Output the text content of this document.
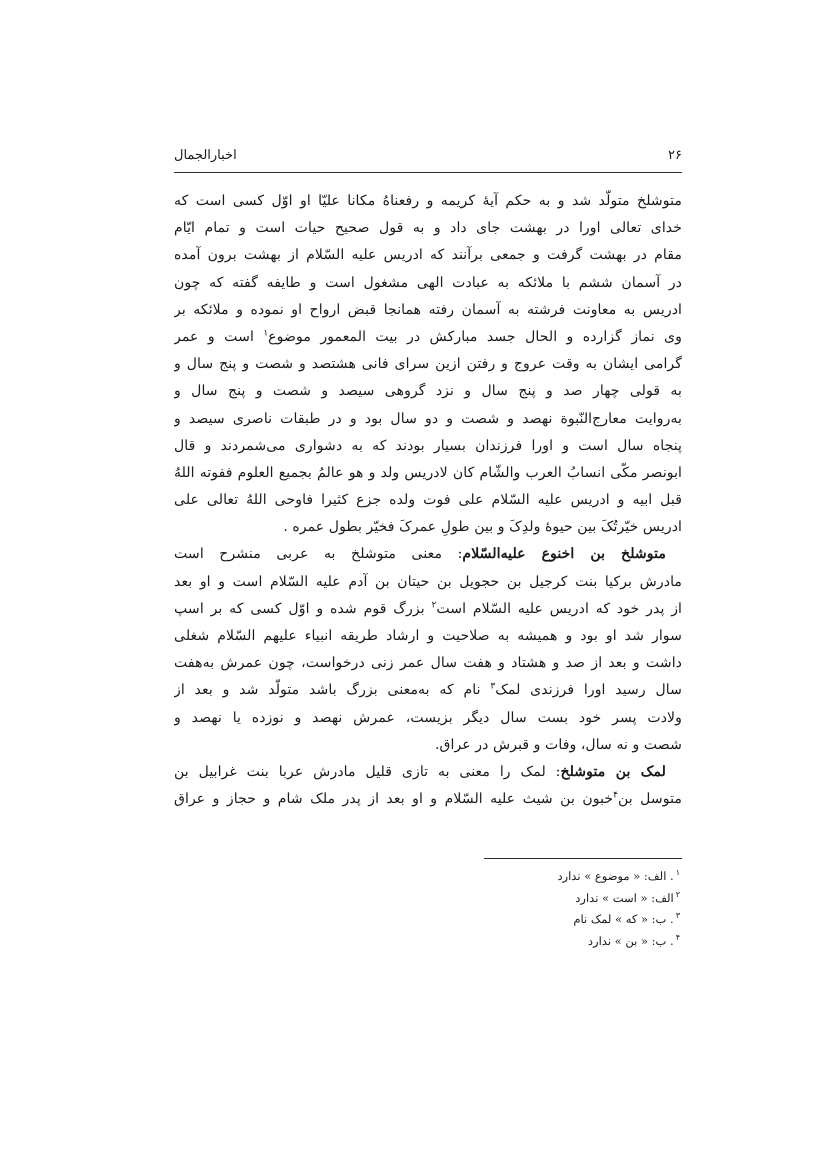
۲۶
اخبارالجمال
متوشلخ متولّد شد و به حکم آیۀ کریمه و رفعناهُ مکانا علیّا او اوّل کسی است که
خدای تعالی اورا در بهشت جای داد و به قول صحیح حیات است و تمام ایّام
مقام در بهشت گرفت و جمعی برآنند که ادریس علیه السّلام از بهشت برون آمده
در آسمان ششم با ملائکه به عبادت الهی مشغول است و طایفه گفته که چون
ادریس به معاونت فرشته به آسمان رفته همانجا قبض ارواح او نموده و ملائکه بر
وی نماز گزارده و الحال جسد مبارکش در بیت المعمور موضوع$^۱$ است و عمر
گرامی ایشان به وقت عروج و رفتن ازین سرای فانی هشتصد و شصت و پنج سال و
به قولی چهار صد و پنج سال و نزد گروهی سیصد و شصت و پنج سال و
به‌روایت معارج‌النّبوة نهصد و شصت و دو سال بود و در طبقات ناصری سیصد و
پنجاه سال است و اورا فرزندان بسیار بودند که به دشواری می‌شمردند و قال
ابونصر مکّی انسابُ العرب والشّام کان لادریس ولد و هو عالمُ بجمیع العلوم ففوته اللهُ
قبل ابیه و ادریس علیه السّلام علی فوت ولده جزع کثیرا فاوحی اللهُ تعالی علی
ادریس خیّرتُکَ بین حیوۀ ولدِکَ و بین طولِ عمرکَ فخیّر بطول عمره .
متوشلخ بن اخنوع علیه‌السّلام: معنی متوشلخ به عربی منشرح است
مادرش برکیا بنت کرجیل بن حجویل بن حیتان بن آدم علیه السّلام است و او بعد
از پدر خود که ادریس علیه السّلام است$^۲$ بزرگ قوم شده و اوّل کسی که بر اسپ
سوار شد او بود و همیشه به صلاحیت و ارشاد طریقه انبیاء علیهم السّلام شغلی
داشت و بعد از صد و هشتاد و هفت سال عمر زنی درخواست، چون عمرش به‌هفت
سال رسید اورا فرزندی لمک$^۳$ نام که به‌معنی بزرگ باشد متولّد شد و بعد از
ولادت پسر خود بست سال دیگر بزیست، عمرش نهصد و نوزده یا نهصد و
شصت و نه سال، وفات و قبرش در عراق.
لمک بن متوشلخ: لمک را معنی به تازی قلیل مادرش عربا بنت غرابیل بن
متوسل بن$^۴$خبون بن شیث علیه السّلام و او بعد از پدر ملک شام و حجاز و عراق
$^۱$. الف: « موضوع » ندارد
$^۲$الف: « است » ندارد
$^۳$. ب: « که » لمک نام
$^۴$. ب: « بن » ندارد
